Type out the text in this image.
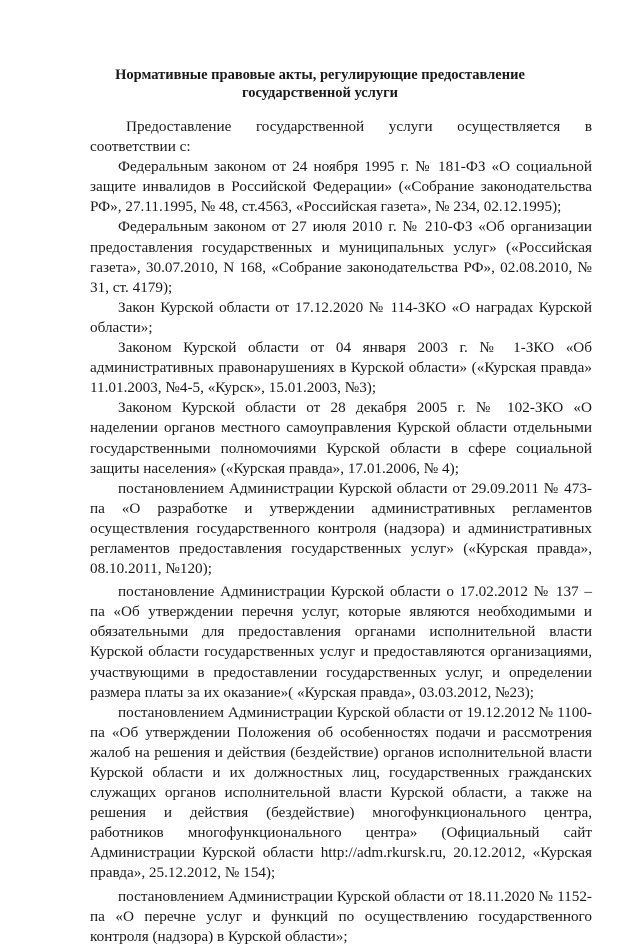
Нормативные правовые акты, регулирующие предоставление государственной услуги

Предоставление государственной услуги осуществляется в соответствии с:

Федеральным законом от 24 ноября 1995 г. № 181-ФЗ «О социальной защите инвалидов в Российской Федерации» («Собрание законодательства РФ», 27.11.1995, № 48, ст.4563, «Российская газета», № 234, 02.12.1995);

Федеральным законом от 27 июля 2010 г. № 210-ФЗ «Об организации предоставления государственных и муниципальных услуг» («Российская газета», 30.07.2010, N 168, «Собрание законодательства РФ», 02.08.2010, № 31, ст. 4179);

Закон Курской области от 17.12.2020 № 114-ЗКО «О наградах Курской области»;

Законом Курской области от 04 января 2003 г. № 1-ЗКО «Об административных правонарушениях в Курской области» («Курская правда» 11.01.2003, №4-5, «Курск», 15.01.2003, №3);

Законом Курской области от 28 декабря 2005 г. № 102-ЗКО «О наделении органов местного самоуправления Курской области отдельными государственными полномочиями Курской области в сфере социальной защиты населения» («Курская правда», 17.01.2006, № 4);

постановлением Администрации Курской области от 29.09.2011 № 473-па «О разработке и утверждении административных регламентов осуществления государственного контроля (надзора) и административных регламентов предоставления государственных услуг» («Курская правда», 08.10.2011, №120);

постановление Администрации Курской области о 17.02.2012 № 137 – па «Об утверждении перечня услуг, которые являются необходимыми и обязательными для предоставления органами исполнительной власти Курской области государственных услуг и предоставляются организациями, участвующими в предоставлении государственных услуг, и определении размера платы за их оказание»( «Курская правда», 03.03.2012, №23);

постановлением Администрации Курской области от 19.12.2012 № 1100-па «Об утверждении Положения об особенностях подачи и рассмотрения жалоб на решения и действия (бездействие) органов исполнительной власти Курской области и их должностных лиц, государственных гражданских служащих органов исполнительной власти Курской области, а также на решения и действия (бездействие) многофункционального центра, работников многофункционального центра» (Официальный сайт Администрации Курской области http://adm.rkursk.ru, 20.12.2012, «Курская правда», 25.12.2012, № 154);

постановлением Администрации Курской области от 18.11.2020 № 1152-па «О перечне услуг и функций по осуществлению государственного контроля (надзора) в Курской области»;
